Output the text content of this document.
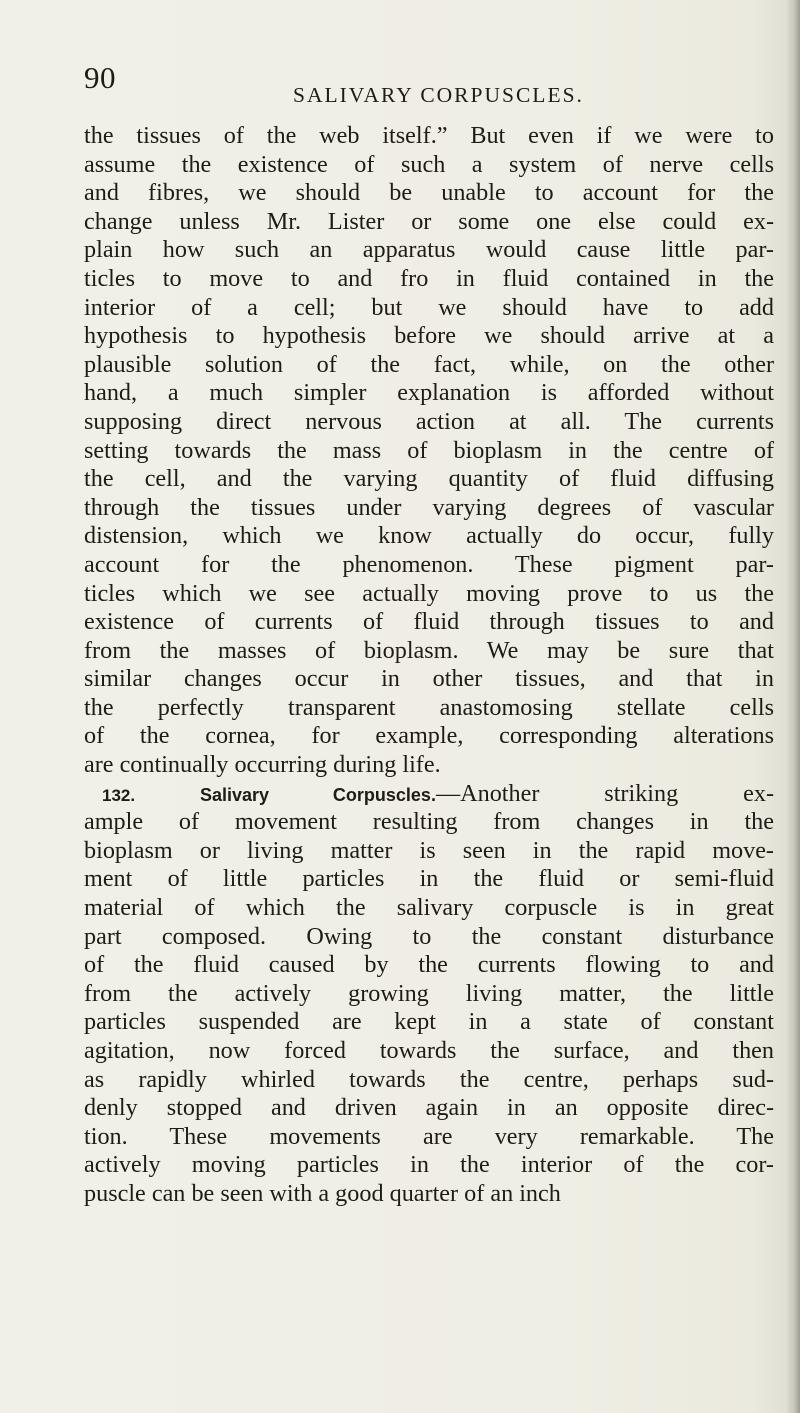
90	SALIVARY CORPUSCLES.
the tissues of the web itself.” But even if we were to
assume the existence of such a system of nerve cells
and fibres, we should be unable to account for the
change unless Mr. Lister or some one else could ex-
plain how such an apparatus would cause little par-
ticles to move to and fro in fluid contained in the
interior of a cell; but we should have to add
hypothesis to hypothesis before we should arrive at a
plausible solution of the fact, while, on the other
hand, a much simpler explanation is afforded without
supposing direct nervous action at all. The currents
setting towards the mass of bioplasm in the centre of
the cell, and the varying quantity of fluid diffusing
through the tissues under varying degrees of vascular
distension, which we know actually do occur, fully
account for the phenomenon. These pigment par-
ticles which we see actually moving prove to us the
existence of currents of fluid through tissues to and
from the masses of bioplasm. We may be sure that
similar changes occur in other tissues, and that in
the perfectly transparent anastomosing stellate cells
of the cornea, for example, corresponding alterations
are continually occurring during life.
132.	Salivary Corpuscles.—Another striking ex-
ample of movement resulting from changes in the
bioplasm or living matter is seen in the rapid move-
ment of little particles in the fluid or semi-fluid
material of which the salivary corpuscle is in great
part composed. Owing to the constant disturbance
of the fluid caused by the currents flowing to and
from the actively growing living matter, the little
particles suspended are kept in a state of constant
agitation, now forced towards the surface, and then
as rapidly whirled towards the centre, perhaps sud-
denly stopped and driven again in an opposite direc-
tion. These movements are very remarkable. The
actively moving particles in the interior of the cor-
puscle can be seen with a good quarter of an inch
